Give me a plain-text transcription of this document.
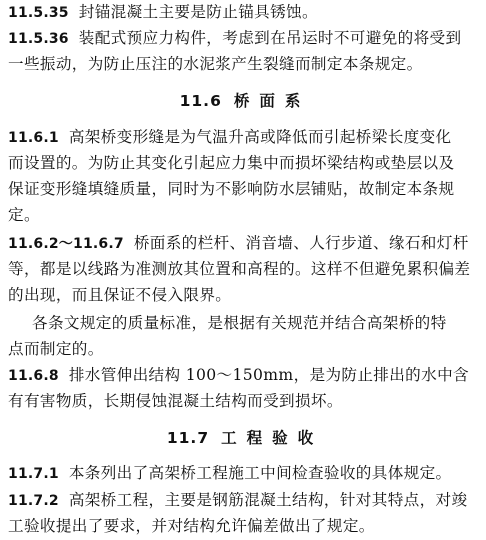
11.5.35 封锚混凝土主要是防止锚具锈蚀。
11.5.36 装配式预应力构件，考虑到在吊运时不可避免的将受到
一些振动，为防止压注的水泥浆产生裂缝而制定本条规定。
11.6 桥面系
11.6.1 高架桥变形缝是为气温升高或降低而引起桥梁长度变化
而设置的。为防止其变化引起应力集中而损坏梁结构或垫层以及
保证变形缝填缝质量，同时为不影响防水层铺贴，故制定本条规
定。
11.6.2～11.6.7 桥面系的栏杆、消音墙、人行步道、缘石和灯杆
等，都是以线路为准测放其位置和高程的。这样不但避免累积偏差
的出现，而且保证不侵入限界。
各条文规定的质量标准，是根据有关规范并结合高架桥的特
点而制定的。
11.6.8 排水管伸出结构 100～150mm，是为防止排出的水中含
有有害物质，长期侵蚀混凝土结构而受到损坏。
11.7 工程验收
11.7.1 本条列出了高架桥工程施工中间检查验收的具体规定。
11.7.2 高架桥工程，主要是钢筋混凝土结构，针对其特点，对竣
工验收提出了要求，并对结构允许偏差做出了规定。
